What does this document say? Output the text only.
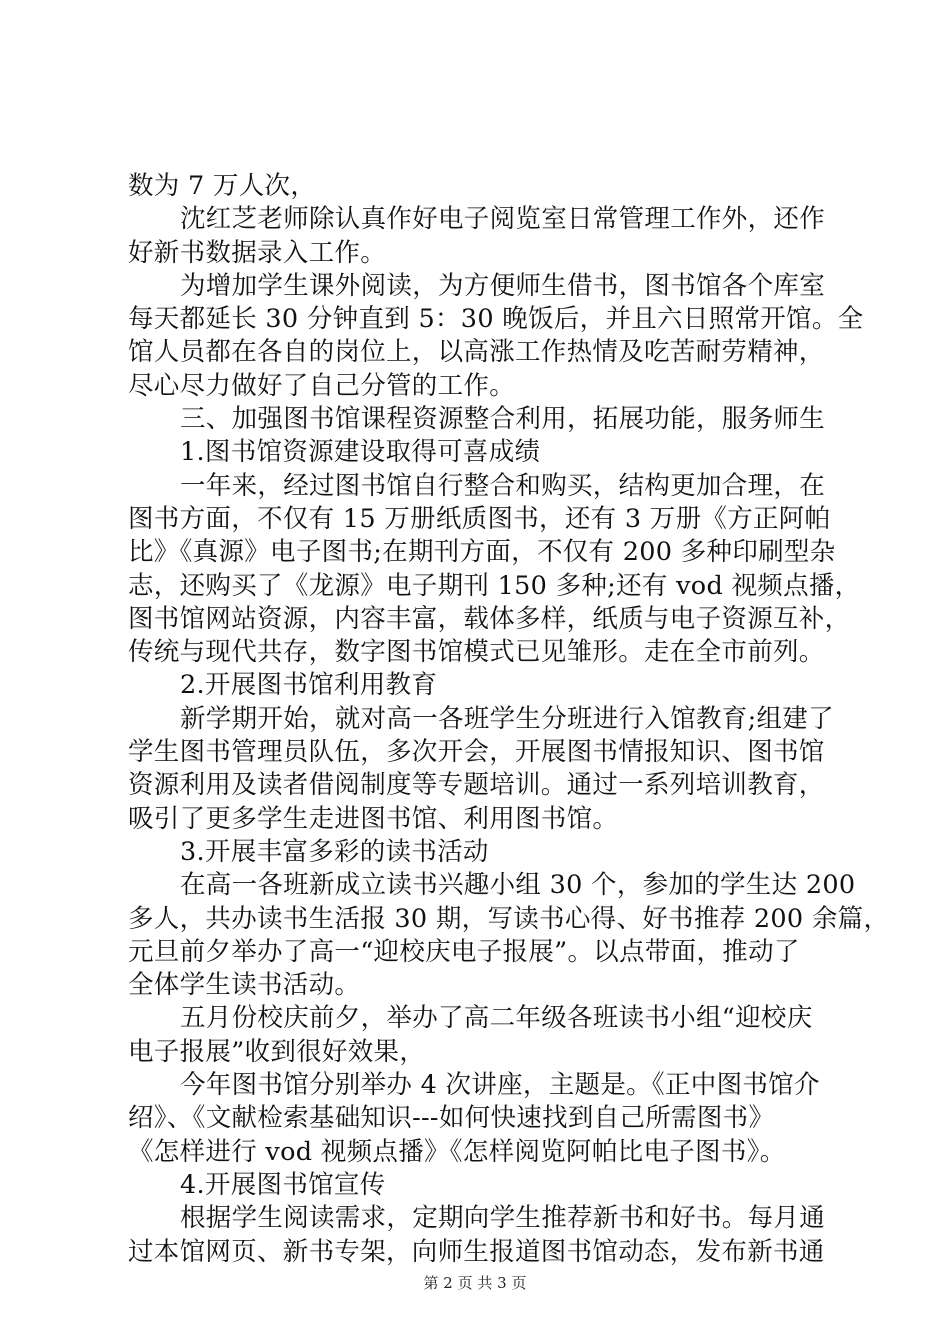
数为 7 万人次，
沈红芝老师除认真作好电子阅览室日常管理工作外，还作
好新书数据录入工作。
为增加学生课外阅读，为方便师生借书，图书馆各个库室
每天都延长 30 分钟直到 5：30 晚饭后，并且六日照常开馆。全
馆人员都在各自的岗位上，以高涨工作热情及吃苦耐劳精神，
尽心尽力做好了自己分管的工作。
三、加强图书馆课程资源整合利用，拓展功能，服务师生
1.图书馆资源建设取得可喜成绩
一年来，经过图书馆自行整合和购买，结构更加合理，在
图书方面，不仅有 15 万册纸质图书，还有 3 万册《方正阿帕
比》《真源》电子图书;在期刊方面，不仅有 200 多种印刷型杂
志，还购买了《龙源》电子期刊 150 多种;还有 vod 视频点播，
图书馆网站资源，内容丰富，载体多样，纸质与电子资源互补，
传统与现代共存，数字图书馆模式已见雏形。走在全市前列。
2.开展图书馆利用教育
新学期开始，就对高一各班学生分班进行入馆教育;组建了
学生图书管理员队伍，多次开会，开展图书情报知识、图书馆
资源利用及读者借阅制度等专题培训。通过一系列培训教育，
吸引了更多学生走进图书馆、利用图书馆。
3.开展丰富多彩的读书活动
在高一各班新成立读书兴趣小组 30 个，参加的学生达 200
多人，共办读书生活报 30 期，写读书心得、好书推荐 200 余篇，
元旦前夕举办了高一“迎校庆电子报展”。以点带面，推动了
全体学生读书活动。
五月份校庆前夕，举办了高二年级各班读书小组“迎校庆
电子报展”收到很好效果，
今年图书馆分别举办 4 次讲座，主题是。《正中图书馆介
绍》、《文献检索基础知识---如何快速找到自己所需图书》
《怎样进行 vod 视频点播》《怎样阅览阿帕比电子图书》。
4.开展图书馆宣传
根据学生阅读需求，定期向学生推荐新书和好书。每月通
过本馆网页、新书专架，向师生报道图书馆动态，发布新书通
第 2 页 共 3 页
